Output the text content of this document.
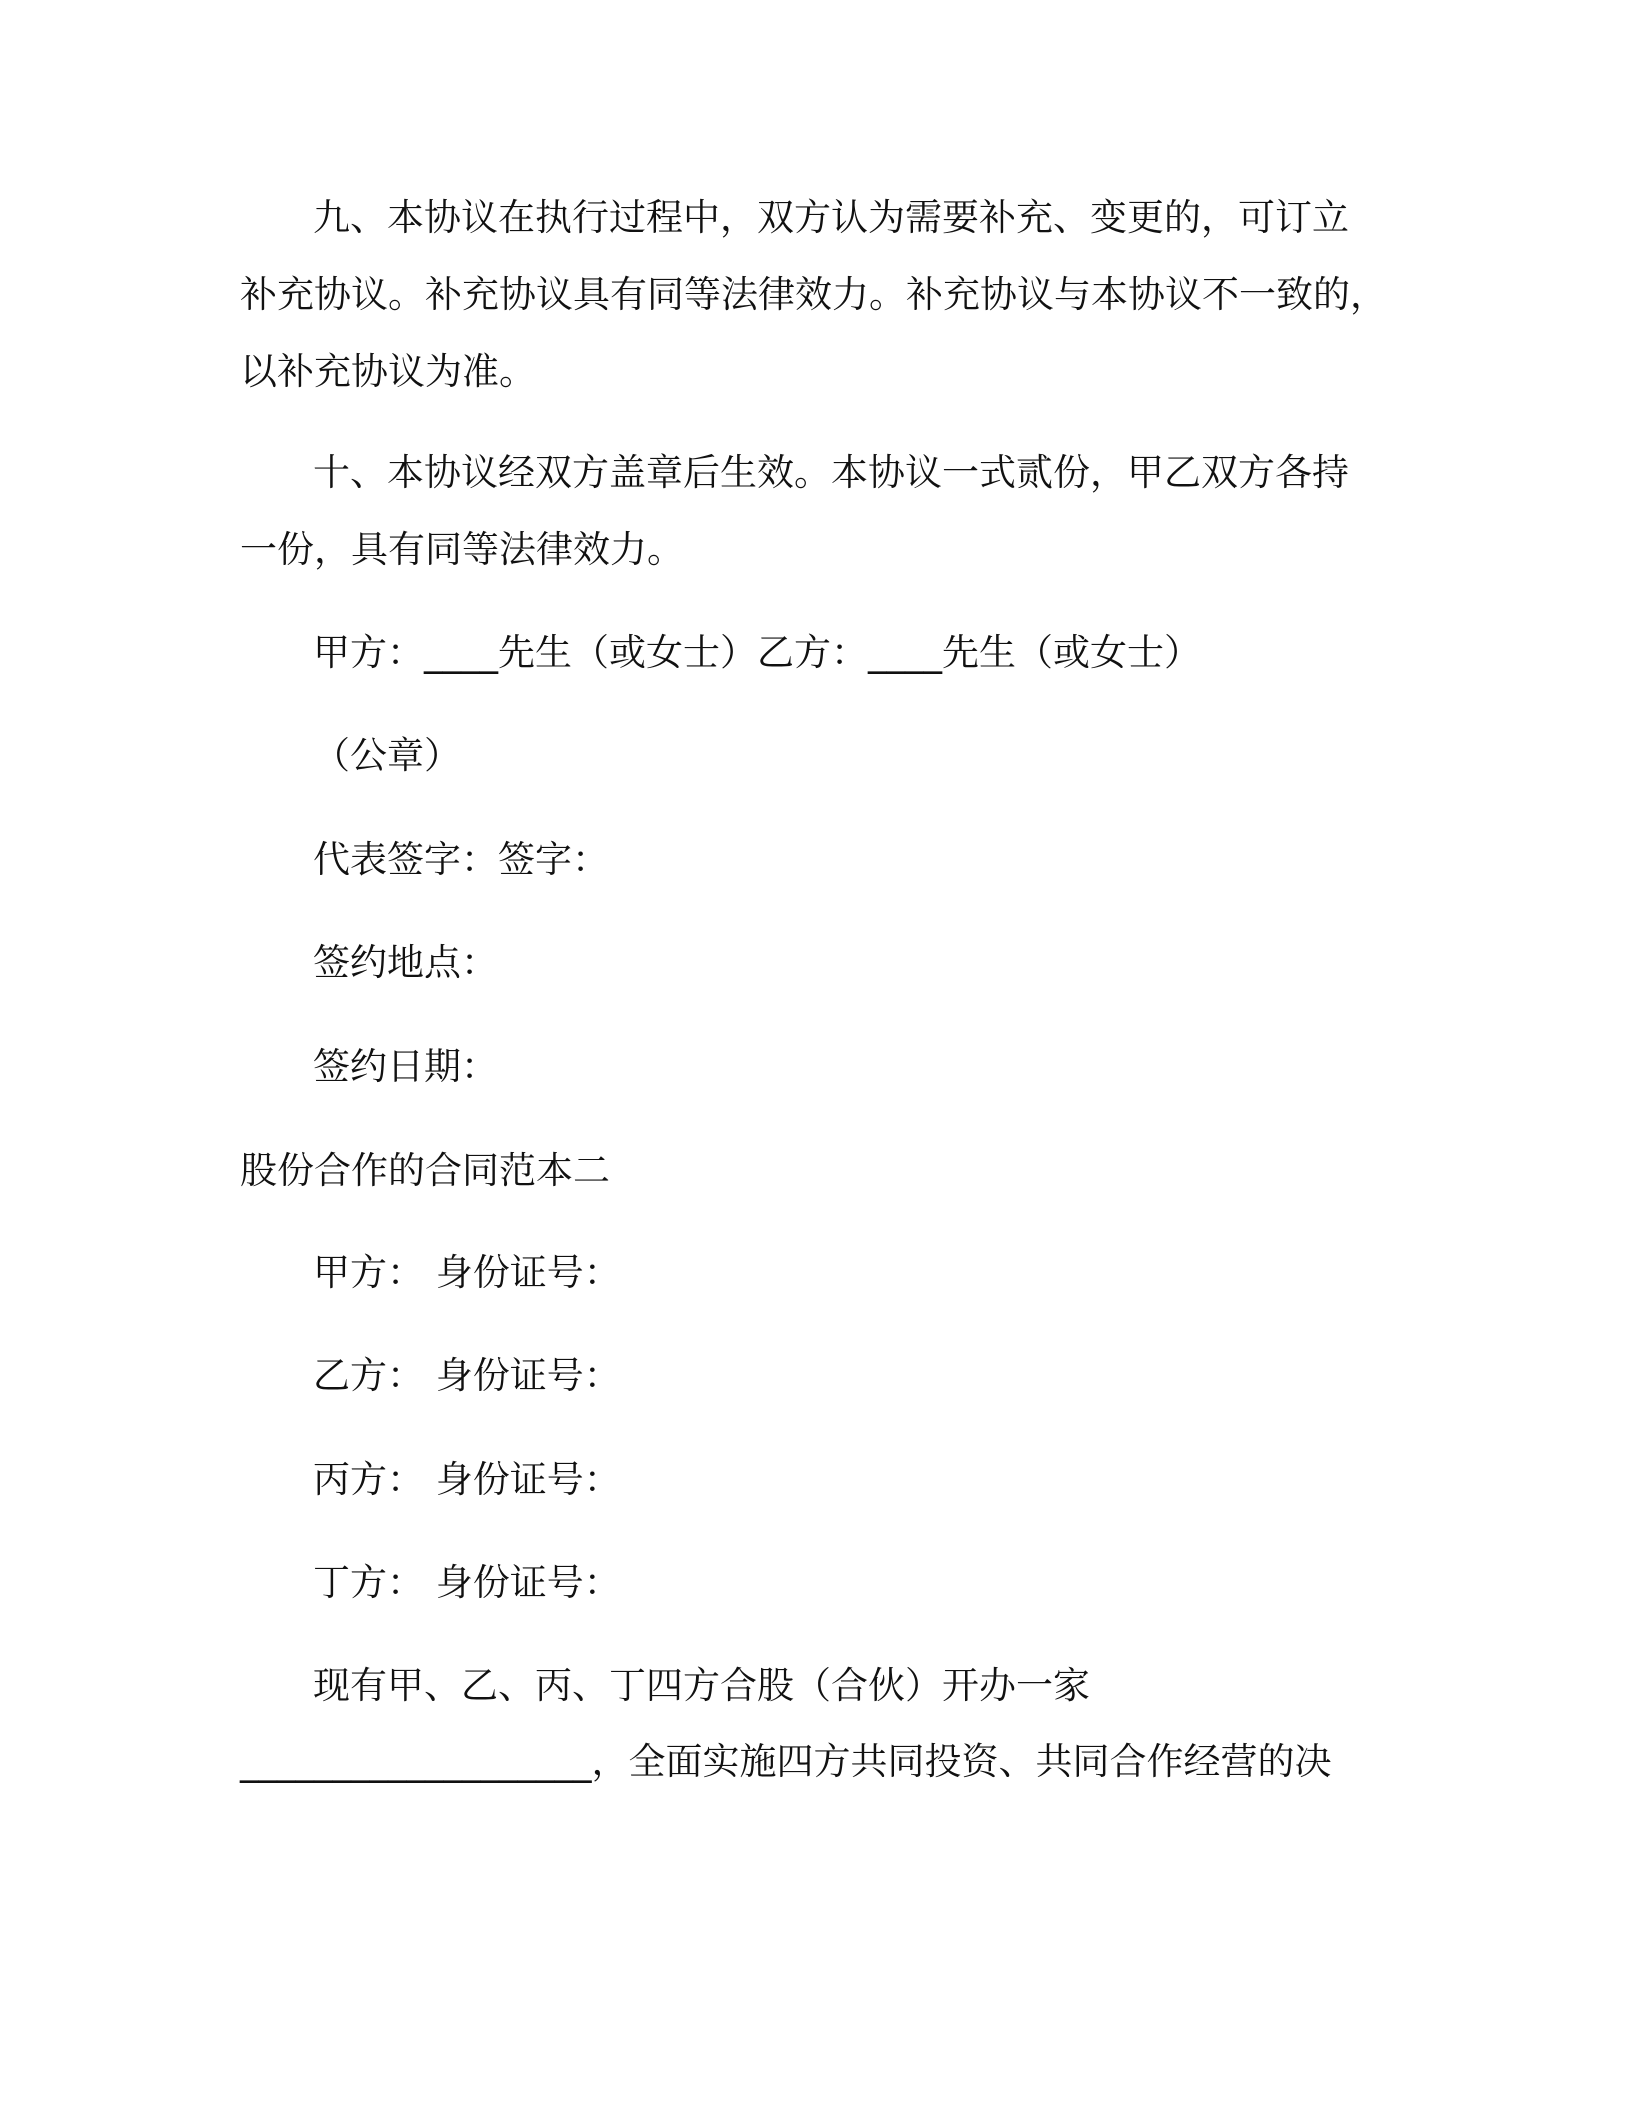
九、本协议在执行过程中，双方认为需要补充、变更的，可订立
补充协议。补充协议具有同等法律效力。补充协议与本协议不一致的，
以补充协议为准。
十、本协议经双方盖章后生效。本协议一式贰份，甲乙双方各持
一份，具有同等法律效力。
甲方：____先生（或女士）乙方：____先生（或女士）
（公章）
代表签字：签字：
签约地点：
签约日期：
股份合作的合同范本二
甲方： 身份证号：
乙方： 身份证号：
丙方： 身份证号：
丁方： 身份证号：
现有甲、乙、丙、丁四方合股（合伙）开办一家
___________________，全面实施四方共同投资、共同合作经营的决
